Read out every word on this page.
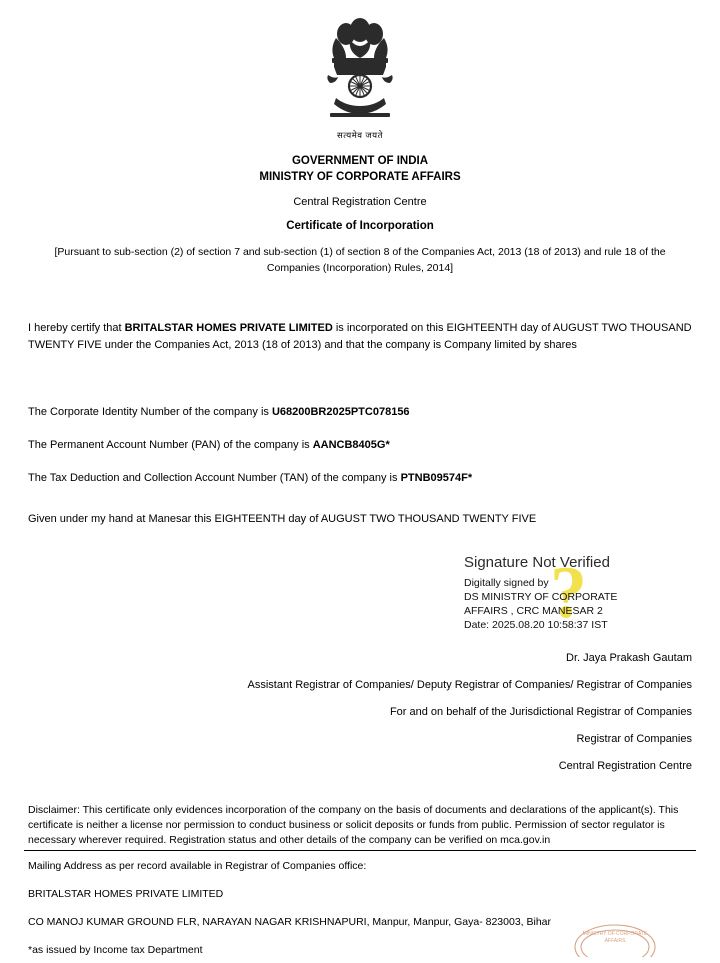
सत्यमेव जयते
GOVERNMENT OF INDIA
MINISTRY OF CORPORATE AFFAIRS
Central Registration Centre
Certificate of Incorporation
[Pursuant to sub-section (2) of section 7 and sub-section (1) of section 8 of the Companies Act, 2013 (18 of 2013) and rule 18 of the Companies (Incorporation) Rules, 2014]
I hereby certify that BRITALSTAR HOMES PRIVATE LIMITED is incorporated on this EIGHTEENTH day of AUGUST TWO THOUSAND TWENTY FIVE under the Companies Act, 2013 (18 of 2013) and that the company is Company limited by shares
The Corporate Identity Number of the company is U68200BR2025PTC078156
The Permanent Account Number (PAN) of the company is AANCB8405G*
The Tax Deduction and Collection Account Number (TAN) of the company is PTNB09574F*
Given under my hand at Manesar this EIGHTEENTH day of AUGUST TWO THOUSAND TWENTY FIVE
?
Signature Not Verified
Digitally signed by
DS MINISTRY OF CORPORATE
AFFAIRS , CRC MANESAR 2
Date: 2025.08.20 10:58:37 IST
Dr. Jaya Prakash Gautam
Assistant Registrar of Companies/ Deputy Registrar of Companies/ Registrar of Companies
For and on behalf of the Jurisdictional Registrar of Companies
Registrar of Companies
Central Registration Centre
Disclaimer: This certificate only evidences incorporation of the company on the basis of documents and declarations of the applicant(s). This certificate is neither a license nor permission to conduct business or solicit deposits or funds from public. Permission of sector regulator is necessary wherever required. Registration status and other details of the company can be verified on mca.gov.in
Mailing Address as per record available in Registrar of Companies office:
BRITALSTAR HOMES PRIVATE LIMITED
CO MANOJ KUMAR GROUND FLR, NARAYAN NAGAR KRISHNAPURI, Manpur, Manpur, Gaya- 823003, Bihar
*as issued by Income tax Department
MINISTRY OF CORPORATE
AFFAIRS
